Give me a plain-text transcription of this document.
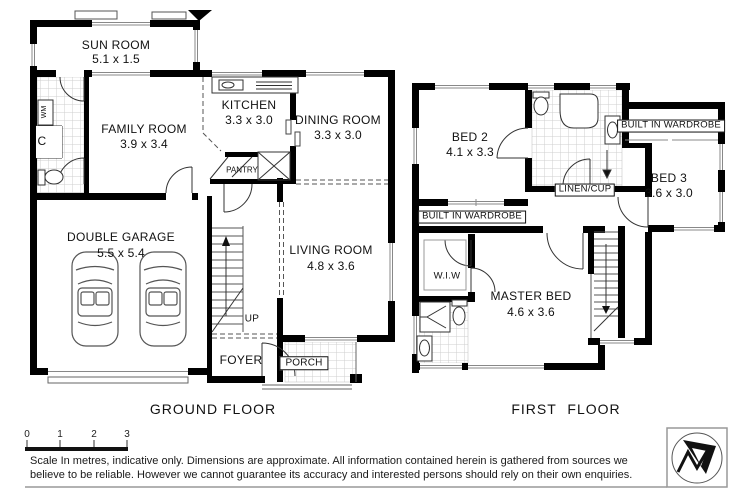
SUN ROOM
5.1 x 1.5
FAMILY ROOM
3.9 x 3.4
KITCHEN
3.3 x 3.0 DINING ROOM
3.3 x 3.0
PANTRY
DOUBLE GARAGE
5.5 x 5.4	LIVING ROOM
4.8 x 3.6
UP
FOYER	PORCH
WM
C	BED 2
4.1 x 3.3
BUILT IN WARDROBE
BED 3
3.6 x 3.0
LINEN/CUP
BUILT IN WARDROBE
W.I.W
MASTER BED
4.6 x 3.6
GROUND FLOOR	FIRST FLOOR
0	1	2	3
Scale In metres, indicative only. Dimensions are approximate. All information contained herein is gathered from sources we
believe to be reliable. However we cannot guarantee its accuracy and interested persons should rely on their own enquiries.
